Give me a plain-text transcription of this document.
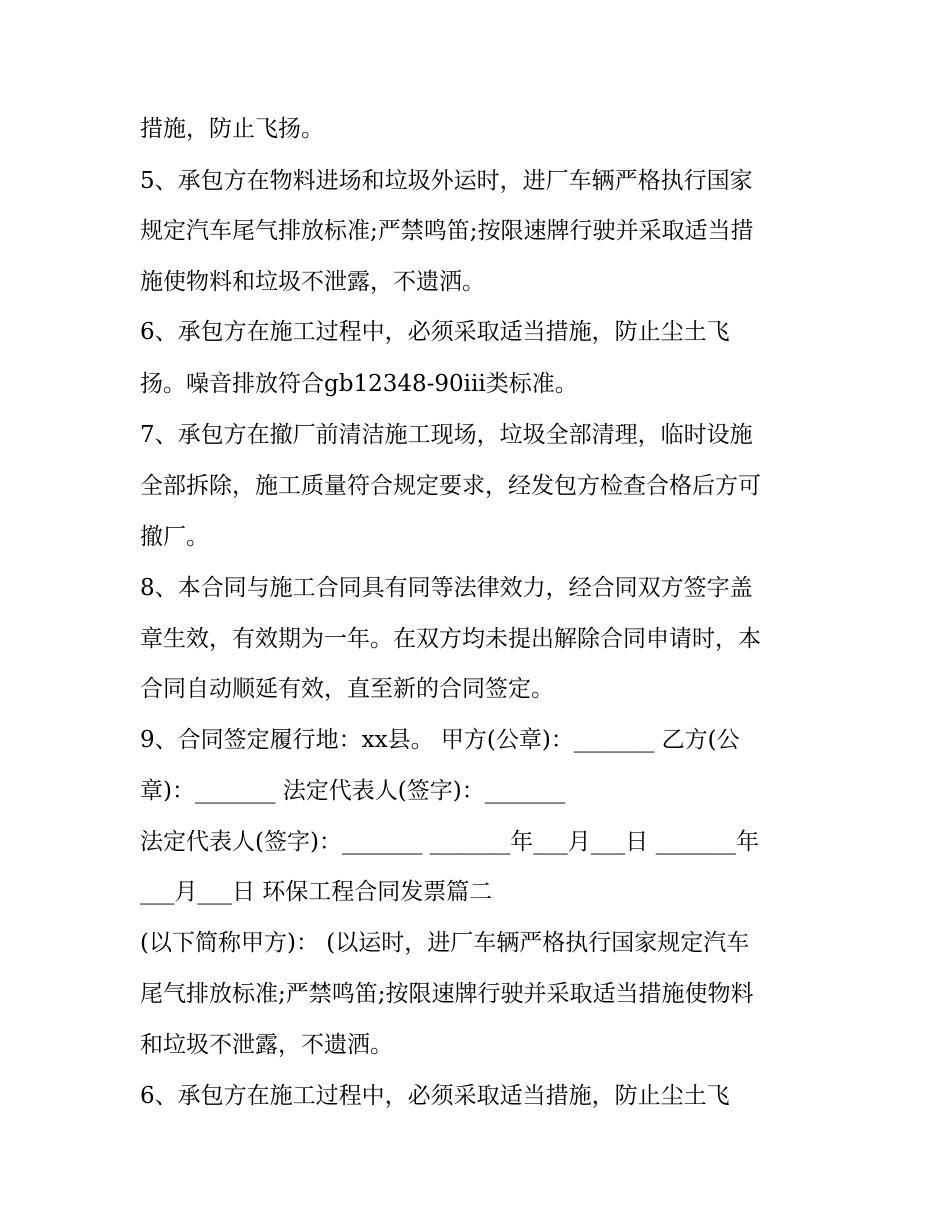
措施，防止飞扬。
5、承包方在物料进场和垃圾外运时，进厂车辆严格执行国家
规定汽车尾气排放标准;严禁鸣笛;按限速牌行驶并采取适当措
施使物料和垃圾不泄露，不遗洒。
6、承包方在施工过程中，必须采取适当措施，防止尘土飞
扬。噪音排放符合gb12348-90iii类标准。
7、承包方在撤厂前清洁施工现场，垃圾全部清理，临时设施
全部拆除，施工质量符合规定要求，经发包方检查合格后方可
撤厂。
8、本合同与施工合同具有同等法律效力，经合同双方签字盖
章生效，有效期为一年。在双方均未提出解除合同申请时，本
合同自动顺延有效，直至新的合同签定。
9、合同签定履行地：xx县。 甲方(公章)：_______ 乙方(公
章)：_______ 法定代表人(签字)：_______
法定代表人(签字)：_______ _______年___月___日 _______年
___月___日 环保工程合同发票篇二
(以下简称甲方)： (以运时，进厂车辆严格执行国家规定汽车
尾气排放标准;严禁鸣笛;按限速牌行驶并采取适当措施使物料
和垃圾不泄露，不遗洒。
6、承包方在施工过程中，必须采取适当措施，防止尘土飞
